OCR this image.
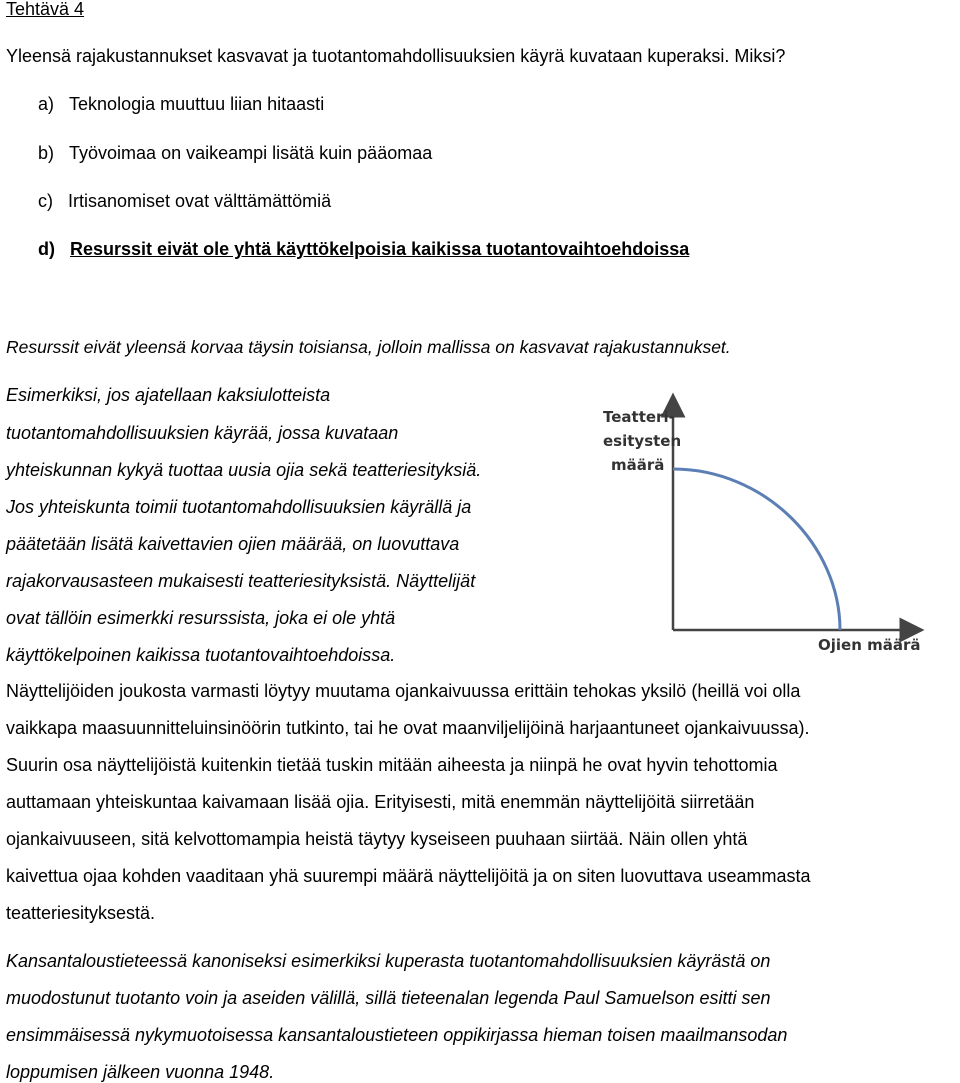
Tehtävä 4
Yleensä rajakustannukset kasvavat ja tuotantomahdollisuuksien käyrä kuvataan kuperaksi. Miksi?
a) Teknologia muuttuu liian hitaasti
b) Työvoimaa on vaikeampi lisätä kuin pääomaa
c) Irtisanomiset ovat välttämättömiä
d) Resurssit eivät ole yhtä käyttökelpoisia kaikissa tuotantovaihtoehdoissa
Resurssit eivät yleensä korvaa täysin toisiansa, jolloin mallissa on kasvavat rajakustannukset.
Esimerkiksi, jos ajatellaan kaksiulotteista
tuotantomahdollisuuksien käyrää, jossa kuvataan
yhteiskunnan kykyä tuottaa uusia ojia sekä teatteriesityksiä.
Jos yhteiskunta toimii tuotantomahdollisuuksien käyrällä ja
päätetään lisätä kaivettavien ojien määrää, on luovuttava
rajakorvausasteen mukaisesti teatteriesityksistä. Näyttelijät
ovat tällöin esimerkki resurssista, joka ei ole yhtä
käyttökelpoinen kaikissa tuotantovaihtoehdoissa.
Teatteri-
esitysten
määrä
Ojien määrä
Näyttelijöiden joukosta varmasti löytyy muutama ojankaivuussa erittäin tehokas yksilö (heillä voi olla
vaikkapa maasuunnitteluinsinöörin tutkinto, tai he ovat maanviljelijöinä harjaantuneet ojankaivuussa).
Suurin osa näyttelijöistä kuitenkin tietää tuskin mitään aiheesta ja niinpä he ovat hyvin tehottomia
auttamaan yhteiskuntaa kaivamaan lisää ojia. Erityisesti, mitä enemmän näyttelijöitä siirretään
ojankaivuuseen, sitä kelvottomampia heistä täytyy kyseiseen puuhaan siirtää. Näin ollen yhtä
kaivettua ojaa kohden vaaditaan yhä suurempi määrä näyttelijöitä ja on siten luovuttava useammasta
teatteriesityksestä.
Kansantaloustieteessä kanoniseksi esimerkiksi kuperasta tuotantomahdollisuuksien käyrästä on
muodostunut tuotanto voin ja aseiden välillä, sillä tieteenalan legenda Paul Samuelson esitti sen
ensimmäisessä nykymuotoisessa kansantaloustieteen oppikirjassa hieman toisen maailmansodan
loppumisen jälkeen vuonna 1948.
